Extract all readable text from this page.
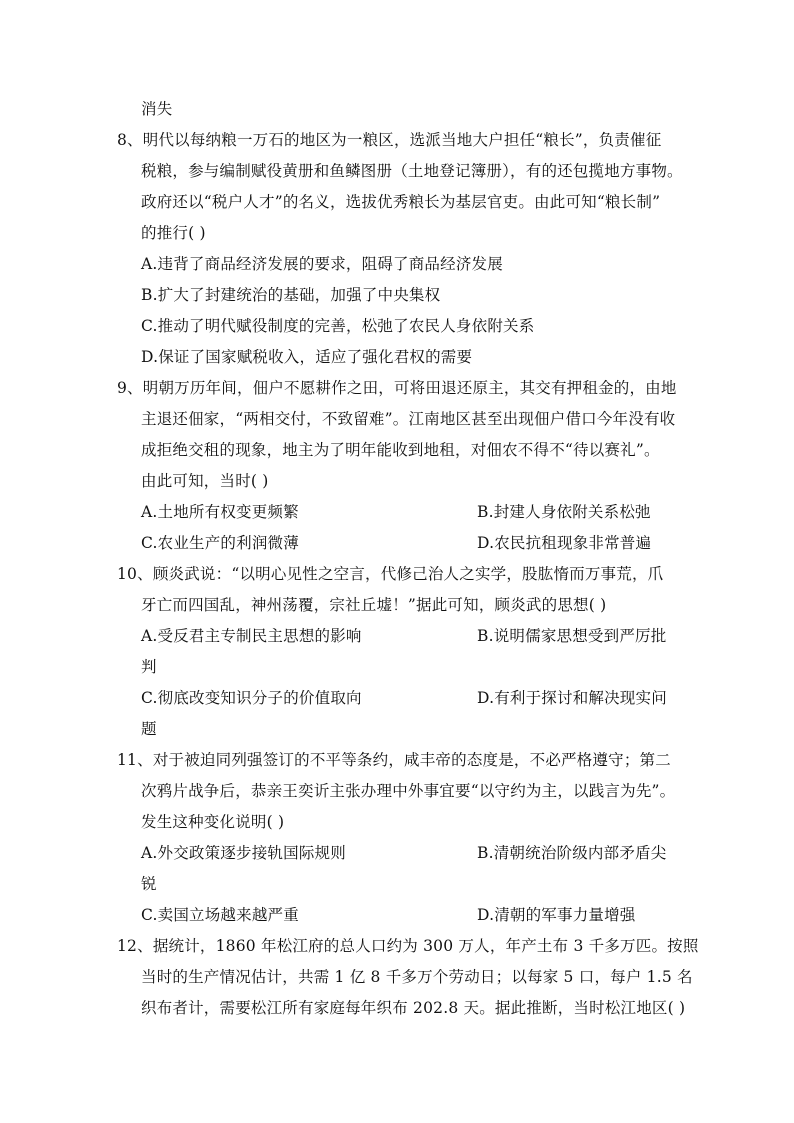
消失
8、明代以每纳粮一万石的地区为一粮区，选派当地大户担任“粮长”，负责催征
税粮，参与编制赋役黄册和鱼鳞图册（土地登记簿册），有的还包揽地方事物。
政府还以“税户人才”的名义，选拔优秀粮长为基层官吏。由此可知“粮长制”
的推行( )
A.违背了商品经济发展的要求，阻碍了商品经济发展
B.扩大了封建统治的基础，加强了中央集权
C.推动了明代赋役制度的完善，松弛了农民人身依附关系
D.保证了国家赋税收入，适应了强化君权的需要
9、明朝万历年间，佃户不愿耕作之田，可将田退还原主，其交有押租金的，由地
主退还佃家，“两相交付，不致留难”。江南地区甚至出现佃户借口今年没有收
成拒绝交租的现象，地主为了明年能收到地租，对佃农不得不“待以赛礼”。
由此可知，当时( )
A.土地所有权变更频繁	B.封建人身依附关系松弛
C.农业生产的利润微薄	D.农民抗租现象非常普遍
10、顾炎武说：“以明心见性之空言，代修己治人之实学，股肱惰而万事荒，爪
牙亡而四国乱，神州荡覆，宗社丘墟！”据此可知，顾炎武的思想( )
A.受反君主专制民主思想的影响	B.说明儒家思想受到严厉批
判
C.彻底改变知识分子的价值取向	D.有利于探讨和解决现实问
题
11、对于被迫同列强签订的不平等条约，咸丰帝的态度是，不必严格遵守；第二
次鸦片战争后，恭亲王奕䜣主张办理中外事宜要“以守约为主，以践言为先”。
发生这种变化说明( )
A.外交政策逐步接轨国际规则	B.清朝统治阶级内部矛盾尖
锐
C.卖国立场越来越严重	D.清朝的军事力量增强
12、据统计，1860 年松江府的总人口约为 300 万人，年产土布 3 千多万匹。按照
当时的生产情况估计，共需 1 亿 8 千多万个劳动日；以每家 5 口，每户 1.5 名
织布者计，需要松江所有家庭每年织布 202.8 天。据此推断，当时松江地区( )
